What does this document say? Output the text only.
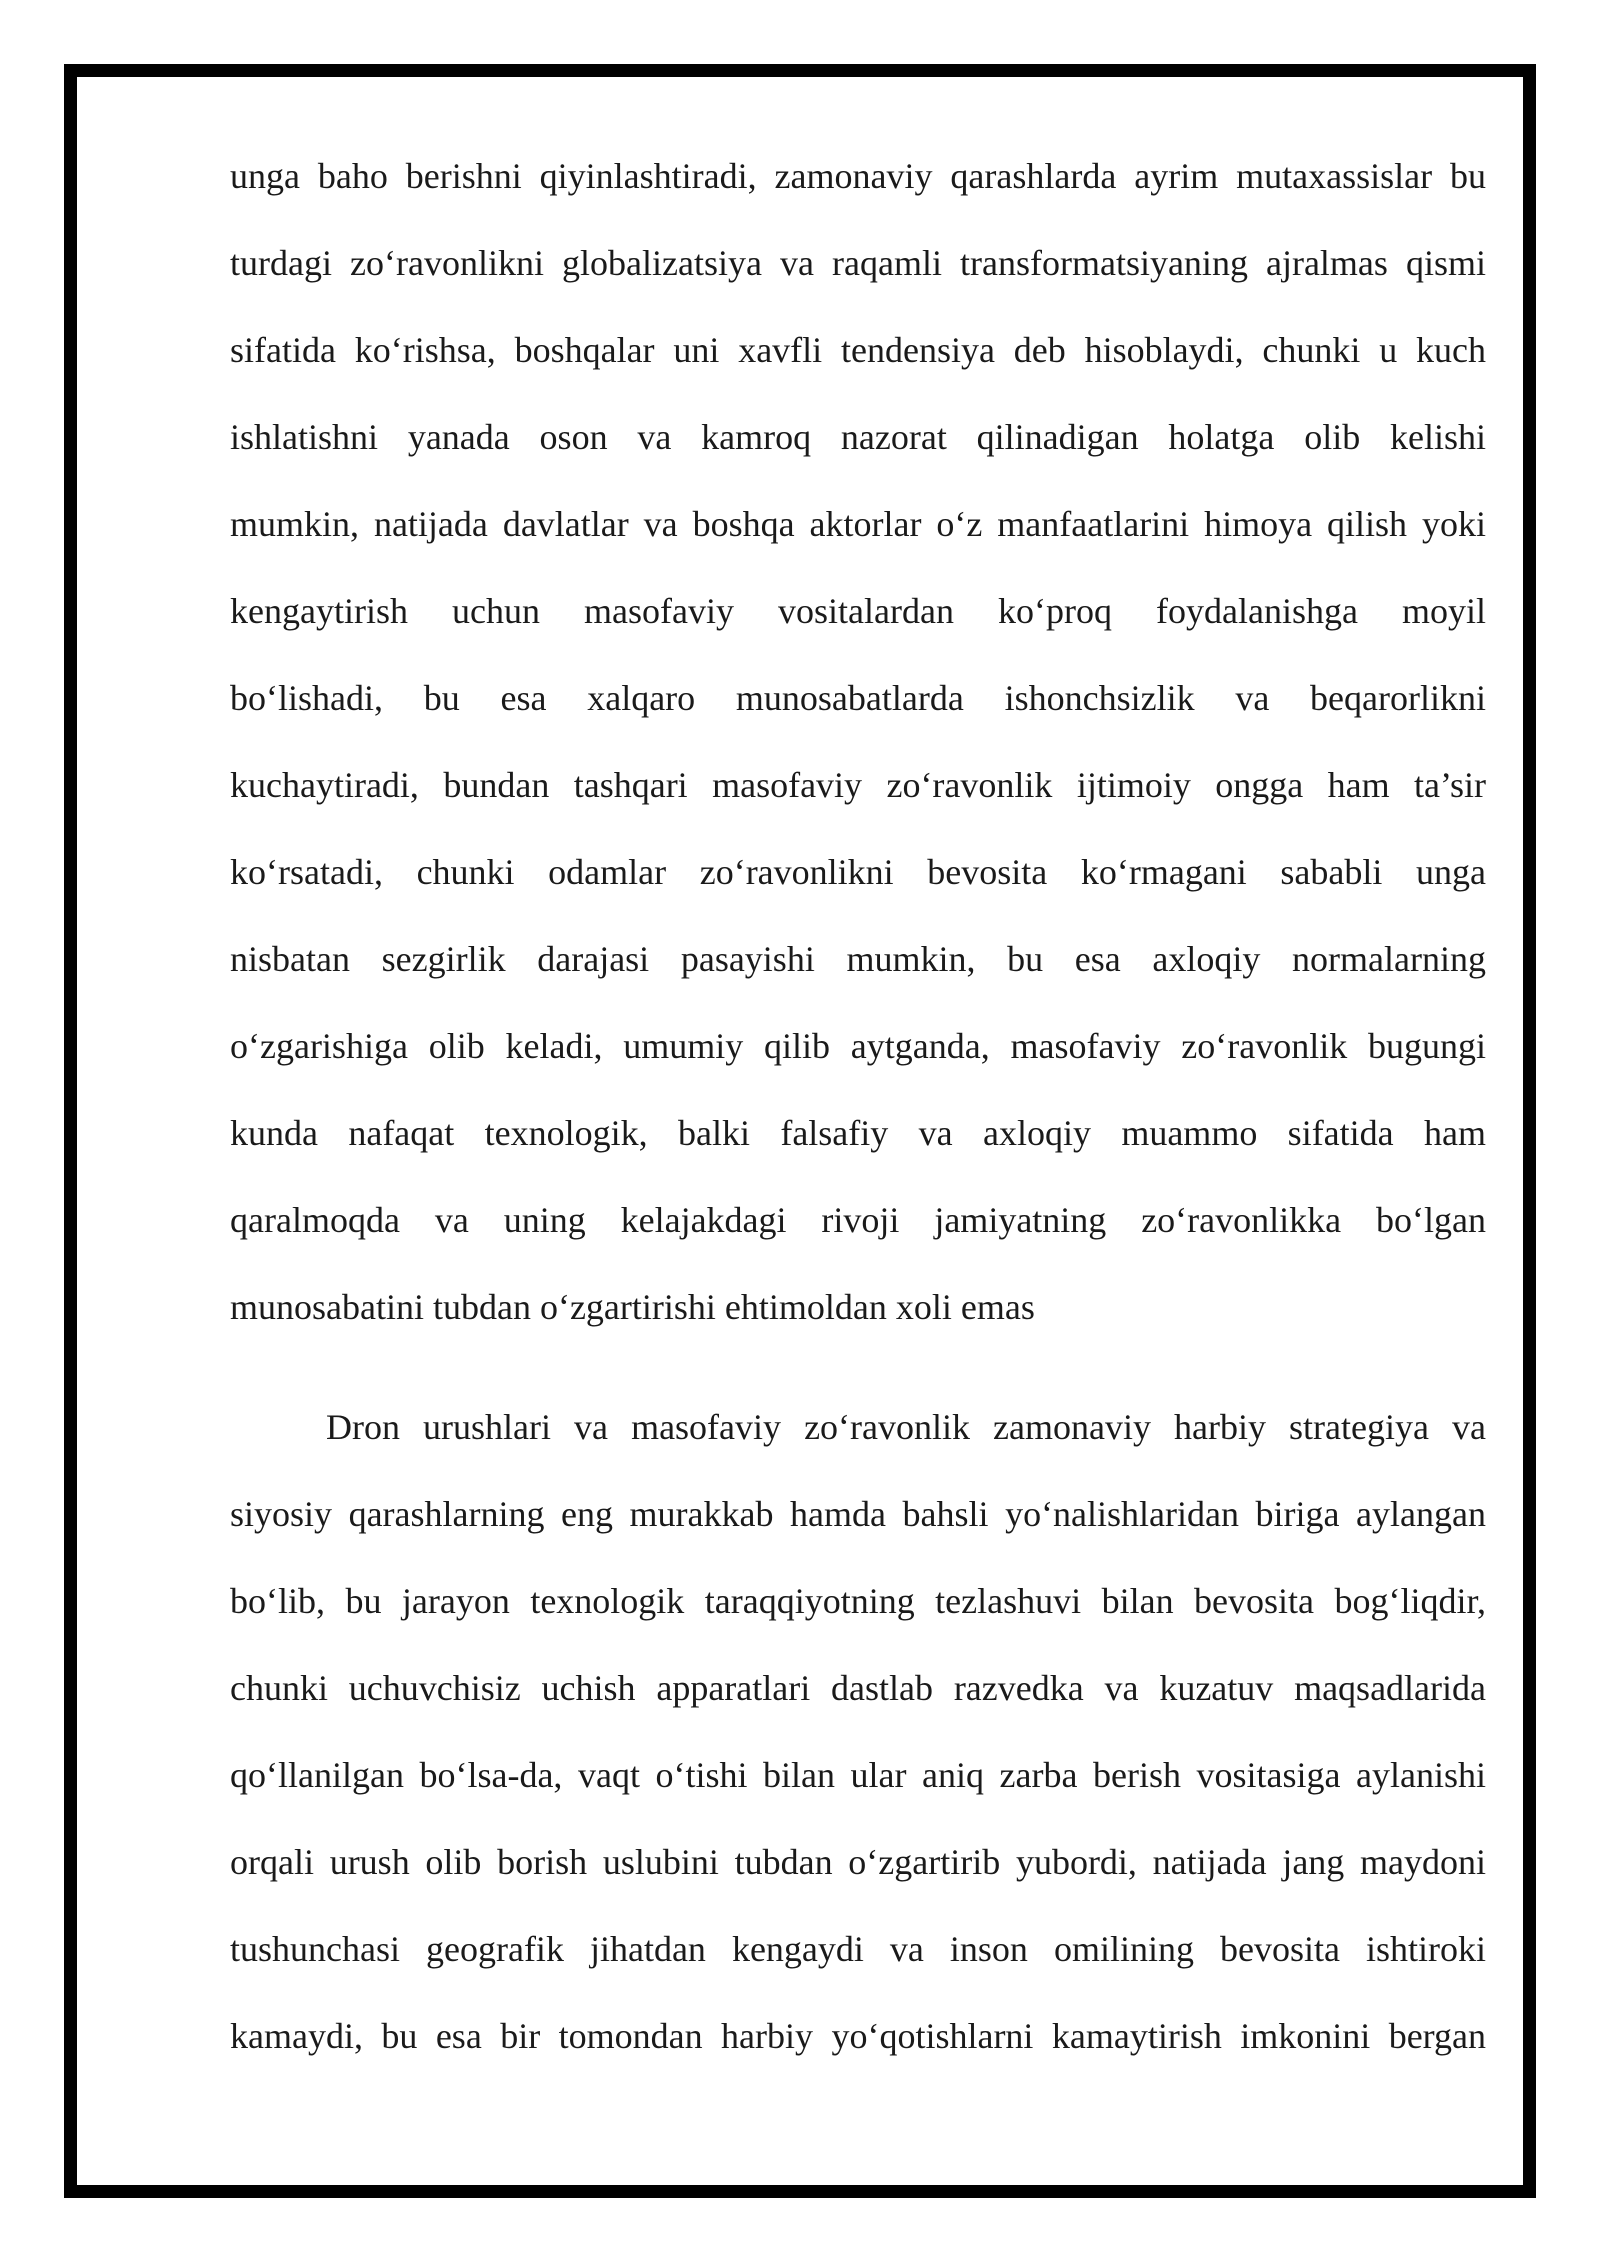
unga baho berishni qiyinlashtiradi, zamonaviy qarashlarda ayrim mutaxassislar bu
turdagi zo‘ravonlikni globalizatsiya va raqamli transformatsiyaning ajralmas qismi
sifatida ko‘rishsa, boshqalar uni xavfli tendensiya deb hisoblaydi, chunki u kuch
ishlatishni yanada oson va kamroq nazorat qilinadigan holatga olib kelishi
mumkin, natijada davlatlar va boshqa aktorlar o‘z manfaatlarini himoya qilish yoki
kengaytirish uchun masofaviy vositalardan ko‘proq foydalanishga moyil
bo‘lishadi, bu esa xalqaro munosabatlarda ishonchsizlik va beqarorlikni
kuchaytiradi, bundan tashqari masofaviy zo‘ravonlik ijtimoiy ongga ham ta’sir
ko‘rsatadi, chunki odamlar zo‘ravonlikni bevosita ko‘rmagani sababli unga
nisbatan sezgirlik darajasi pasayishi mumkin, bu esa axloqiy normalarning
o‘zgarishiga olib keladi, umumiy qilib aytganda, masofaviy zo‘ravonlik bugungi
kunda nafaqat texnologik, balki falsafiy va axloqiy muammo sifatida ham
qaralmoqda va uning kelajakdagi rivoji jamiyatning zo‘ravonlikka bo‘lgan
munosabatini tubdan o‘zgartirishi ehtimoldan xoli emas
Dron urushlari va masofaviy zo‘ravonlik zamonaviy harbiy strategiya va
siyosiy qarashlarning eng murakkab hamda bahsli yo‘nalishlaridan biriga aylangan
bo‘lib, bu jarayon texnologik taraqqiyotning tezlashuvi bilan bevosita bog‘liqdir,
chunki uchuvchisiz uchish apparatlari dastlab razvedka va kuzatuv maqsadlarida
qo‘llanilgan bo‘lsa-da, vaqt o‘tishi bilan ular aniq zarba berish vositasiga aylanishi
orqali urush olib borish uslubini tubdan o‘zgartirib yubordi, natijada jang maydoni
tushunchasi geografik jihatdan kengaydi va inson omilining bevosita ishtiroki
kamaydi, bu esa bir tomondan harbiy yo‘qotishlarni kamaytirish imkonini bergan
